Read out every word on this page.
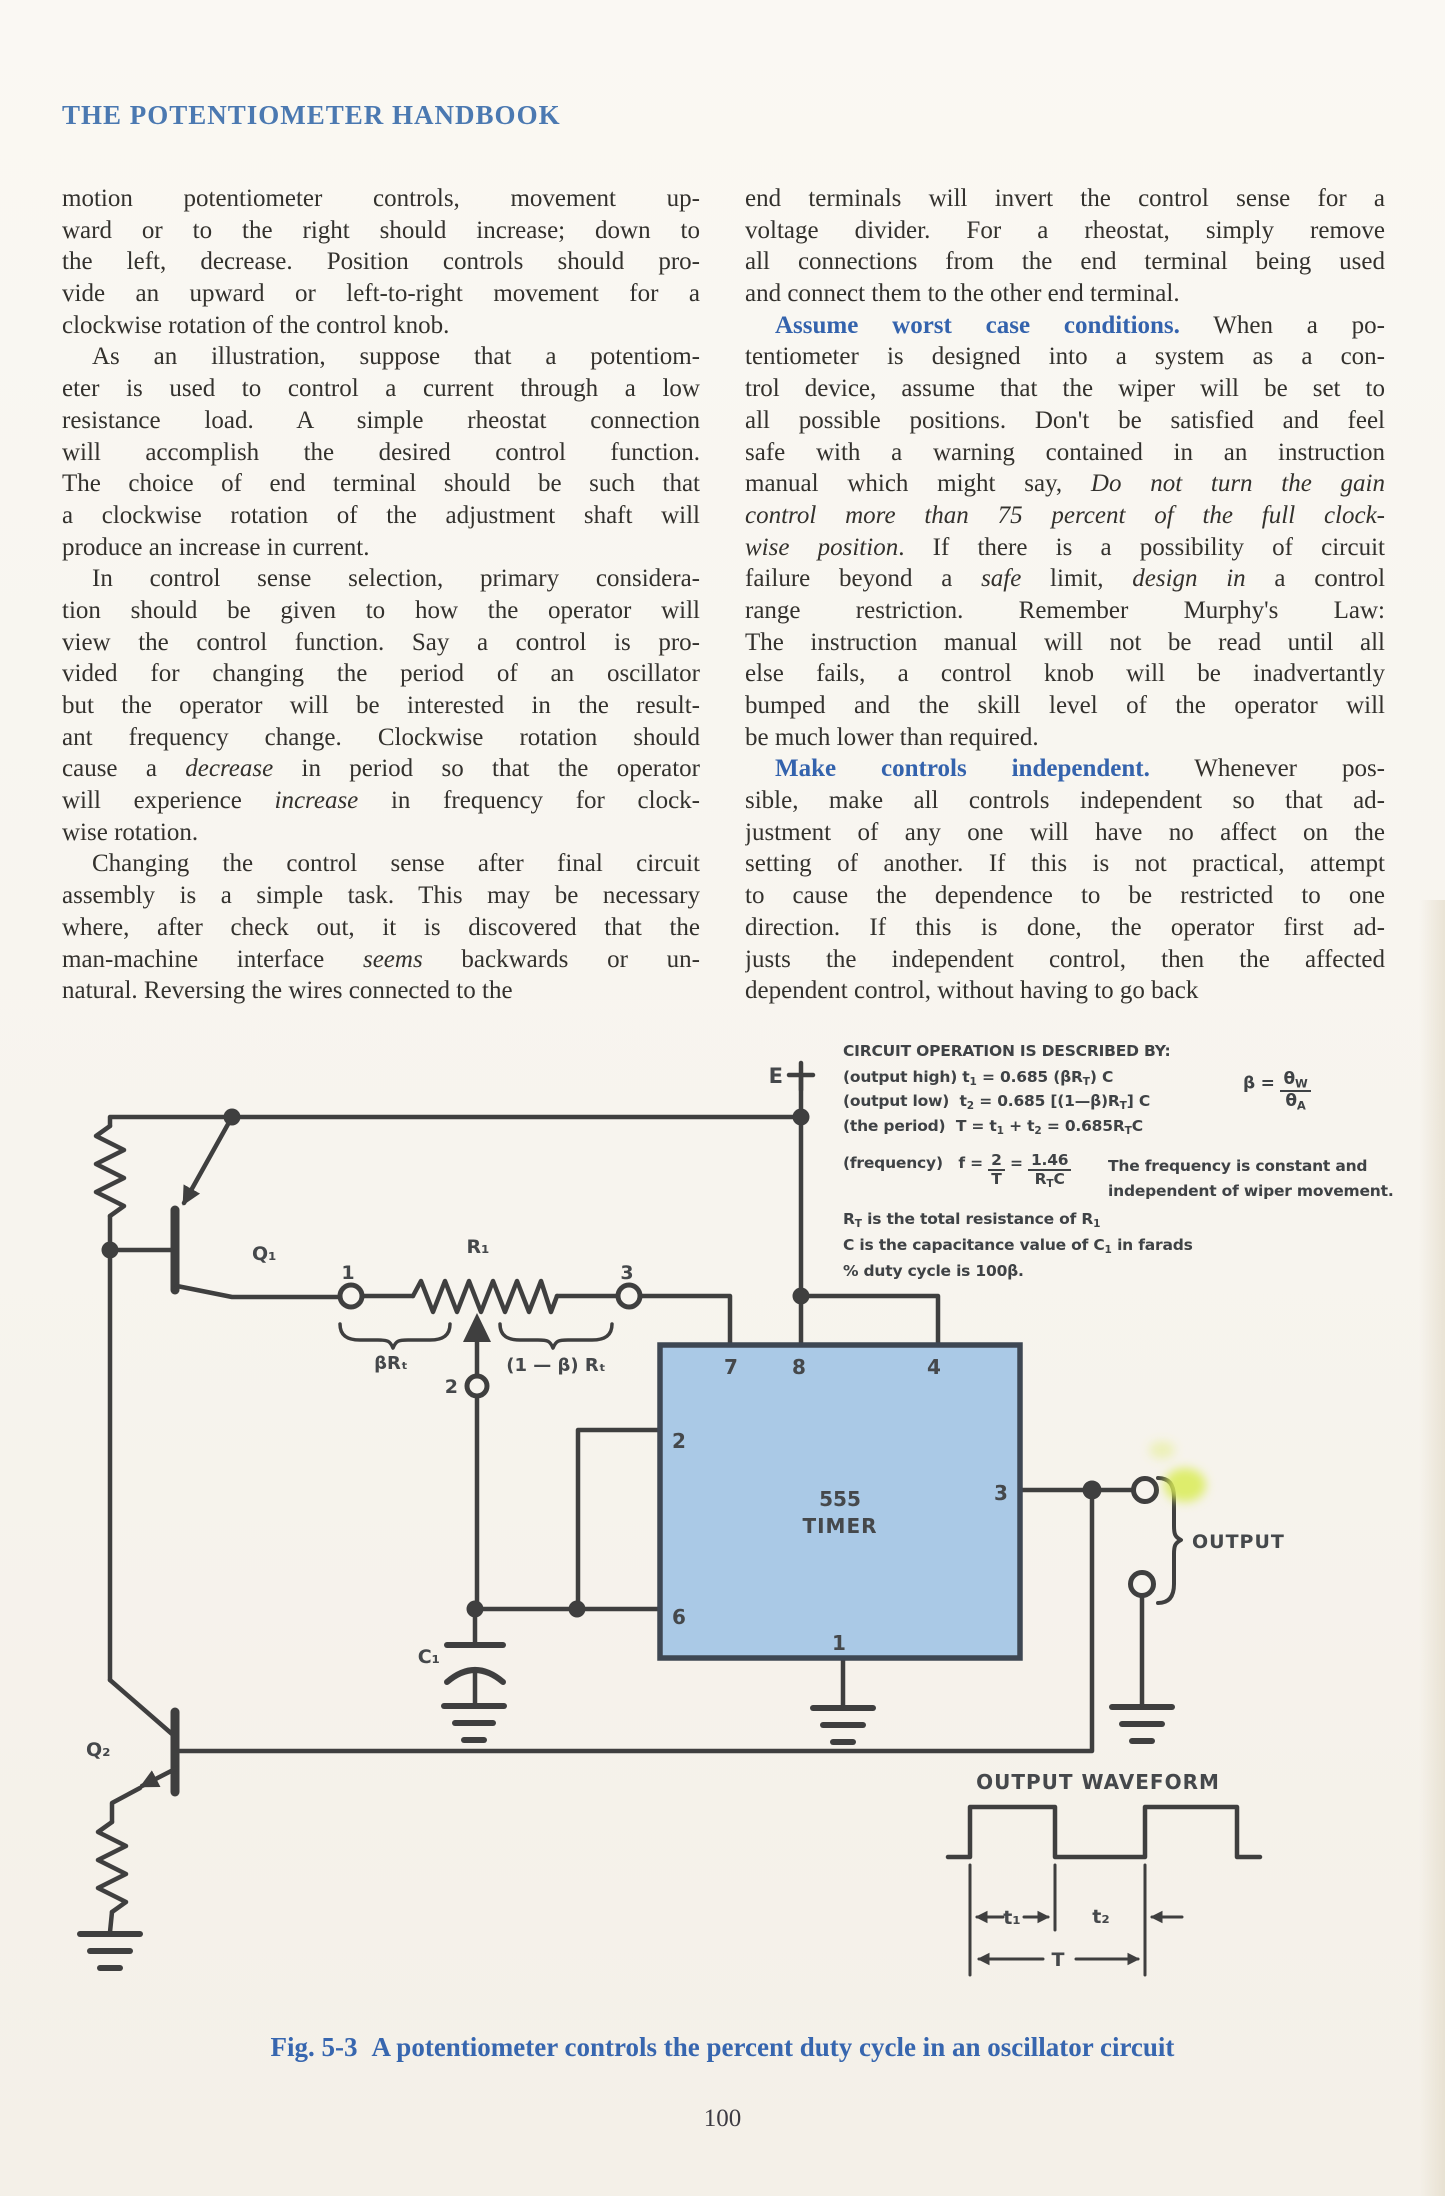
THE POTENTIOMETER HANDBOOK
motion potentiometer controls, movement up-
ward or to the right should increase; down to
the left, decrease. Position controls should pro-
vide an upward or left-to-right movement for a
clockwise rotation of the control knob.
As an illustration, suppose that a potentiom-
eter is used to control a current through a low
resistance load. A simple rheostat connection
will accomplish the desired control function.
The choice of end terminal should be such that
a clockwise rotation of the adjustment shaft will
produce an increase in current.
In control sense selection, primary considera-
tion should be given to how the operator will
view the control function. Say a control is pro-
vided for changing the period of an oscillator
but the operator will be interested in the result-
ant frequency change. Clockwise rotation should
cause a decrease in period so that the operator
will experience increase in frequency for clock-
wise rotation.
Changing the control sense after final circuit
assembly is a simple task. This may be necessary
where, after check out, it is discovered that the
man-machine interface seems backwards or un-
natural. Reversing the wires connected to the
end terminals will invert the control sense for a
voltage divider. For a rheostat, simply remove
all connections from the end terminal being used
and connect them to the other end terminal.
Assume worst case conditions. When a po-
tentiometer is designed into a system as a con-
trol device, assume that the wiper will be set to
all possible positions. Don't be satisfied and feel
safe with a warning contained in an instruction
manual which might say, Do not turn the gain
control more than 75 percent of the full clock-
wise position. If there is a possibility of circuit
failure beyond a safe limit, design in a control
range restriction. Remember Murphy's Law:
The instruction manual will not be read until all
else fails, a control knob will be inadvertantly
bumped and the skill level of the operator will
be much lower than required.
Make controls independent. Whenever pos-
sible, make all controls independent so that ad-
justment of any one will have no affect on the
setting of another. If this is not practical, attempt
to cause the dependence to be restricted to one
direction. If this is done, the operator first ad-
justs the independent control, then the affected
dependent control, without having to go back
CIRCUIT OPERATION IS DESCRIBED BY:
(output high) $t_1 = 0.685$ $(\beta R_T)$ C
(output low)  $t_2 = 0.685$ $[(1—\beta)R_T]$ C
(the period)  $T = t_1 + t_2 = 0.685R_TC$
$\beta = \frac{\theta_W}{\theta_A}$
(frequency)   $f = \frac{2}{T} = \frac{1.46}{R_TC}$ The frequency is constant and
independent of wiper movement.
$R_T$ is the total resistance of $R_1$
C is the capacitance value of $C_1$ in farads
% duty cycle is 100β.
7	8	4
2
6
3
1
555
TIMER
E
Q₁
Q₂
R₁
C₁
1	3
2
βRₜ	(1 — β) Rₜ
OUTPUT
OUTPUT WAVEFORM
t₁	t₂
T
Fig. 5-3 A potentiometer controls the percent duty cycle in an oscillator circuit
100
